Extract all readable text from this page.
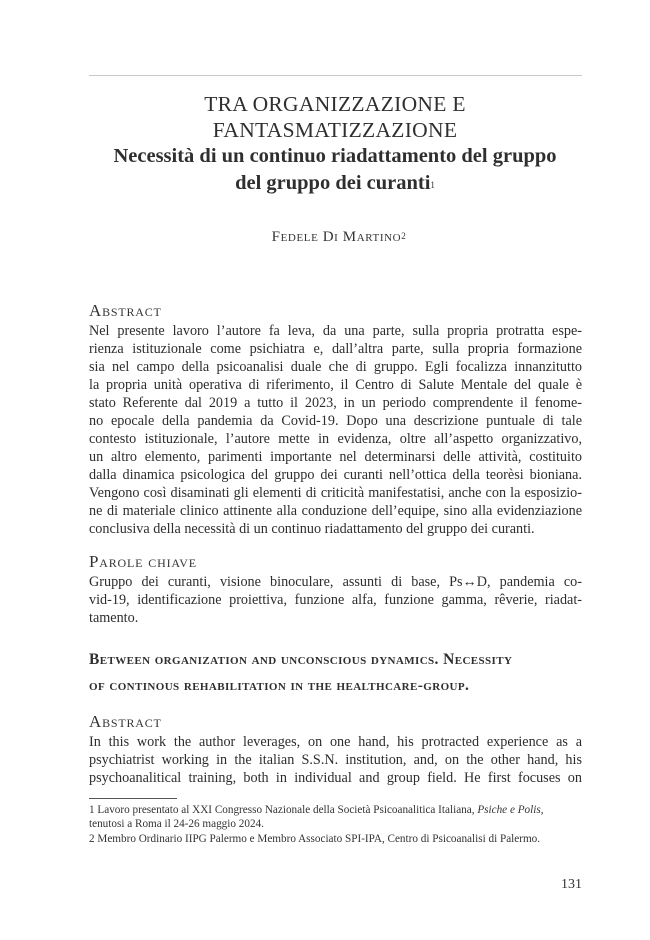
TRA ORGANIZZAZIONE E

FANTASMATIZZAZIONE

Necessità di un continuo riadattamento del gruppo

del gruppo dei curanti$^1$

Fedele Di Martino$^2$
Abstract

Nel presente lavoro l’autore fa leva, da una parte, sulla propria protratta espe-

rienza istituzionale come psichiatra e, dall’altra parte, sulla propria formazione

sia nel campo della psicoanalisi duale che di gruppo. Egli focalizza innanzitutto

la propria unità operativa di riferimento, il Centro di Salute Mentale del quale è

stato Referente dal 2019 a tutto il 2023, in un periodo comprendente il fenome-

no epocale della pandemia da Covid-19. Dopo una descrizione puntuale di tale

contesto istituzionale, l’autore mette in evidenza, oltre all’aspetto organizzativo,

un altro elemento, parimenti importante nel determinarsi delle attività, costituito

dalla dinamica psicologica del gruppo dei curanti nell’ottica della teorèsi bioniana.

Vengono così disaminati gli elementi di criticità manifestatisi, anche con la esposizio-

ne di materiale clinico attinente alla conduzione dell’equipe, sino alla evidenziazione

conclusiva della necessità di un continuo riadattamento del gruppo dei curanti.

Parole chiave

Gruppo dei curanti, visione binoculare, assunti di base, Ps↔D, pandemia co-

vid-19, identificazione proiettiva, funzione alfa, funzione gamma, rêverie, riadat-

tamento.

Between organization and unconscious dynamics. Necessity
of continous rehabilitation in the healthcare-group.
Abstract

In this work the author leverages, on one hand, his protracted experience as a

psychiatrist working in the italian S.S.N. institution, and, on the other hand, his

psychoanalitical training, both in individual and group field. He first focuses on

1 Lavoro presentato al XXI Congresso Nazionale della Società Psicoanalitica Italiana, Psiche e Polis,

tenutosi a Roma il 24-26 maggio 2024.

2 Membro Ordinario IIPG Palermo e Membro Associato SPI-IPA, Centro di Psicoanalisi di Palermo.

131
